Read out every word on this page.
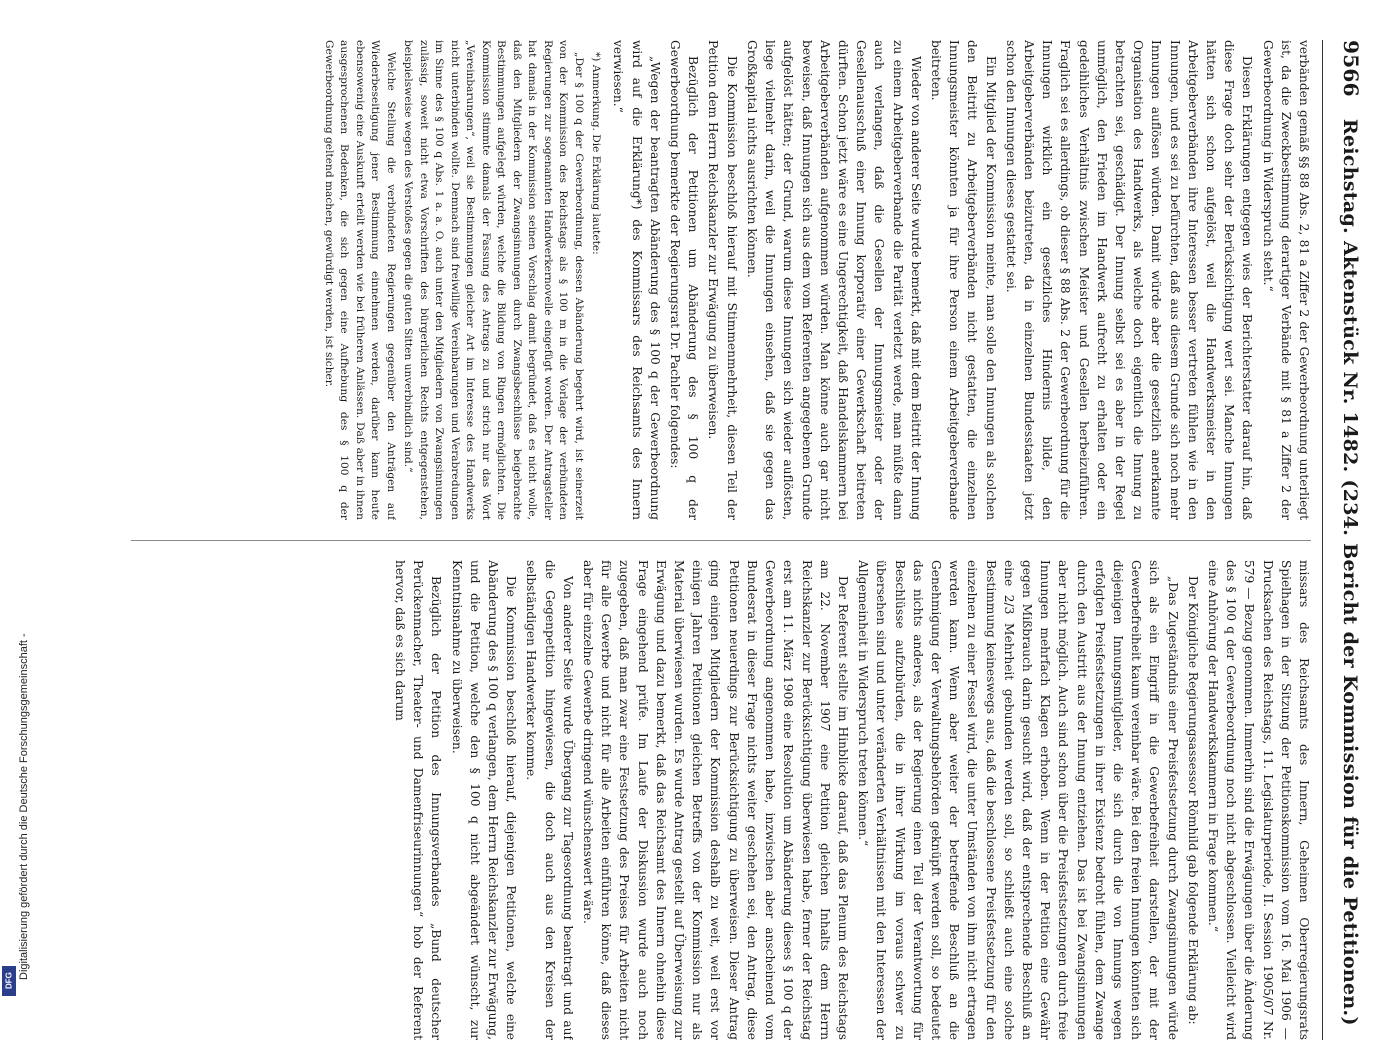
9566
Reichstag. Aktenstück Nr. 1482. (234. Bericht der Kommission für die Petitionen.)

verbänden gemäß §§ 88 Abs. 2, 81 a Ziffer 2 der Gewerbeordnung unterliegt ist, da die Zweckbestimmung derartiger Verbände mit § 81 a Ziffer 2 der Gewerbeordnung in Widerspruch steht.“

Diesen Erklärungen entgegen wies der Berichterstatter darauf hin, daß diese Frage doch sehr der Berücksichtigung wert sei. Manche Innungen hätten sich schon aufgelöst, weil die Handwerksmeister in den Arbeitgeberverbänden ihre Interessen besser vertreten fühlen wie in den Innungen, und es sei zu befürchten, daß aus diesem Grunde sich noch mehr Innungen auflösen würden. Damit würde aber die gesetzlich anerkannte Organisation des Handwerks, als welche doch eigentlich die Innung zu betrachten sei, geschädigt. Der Innung selbst sei es aber in der Regel unmöglich, den Frieden im Handwerk aufrecht zu erhalten oder ein gedeihliches Verhältnis zwischen Meister und Gesellen herbeizuführen. Fraglich sei es allerdings, ob dieser § 88 Abs. 2 der Gewerbeordnung für die Innungen wirklich ein gesetzliches Hindernis bilde, den Arbeitgeberverbänden beizutreten, da in einzelnen Bundesstaaten jetzt schon den Innungen dieses gestattet sei.

Ein Mitglied der Kommission meinte, man solle den Innungen als solchen den Beitritt zu Arbeitgeberverbänden nicht gestatten, die einzelnen Innungsmeister könnten ja für ihre Person einem Arbeitgeberverbande beitreten.

Wieder von anderer Seite wurde bemerkt, daß mit dem Beitritt der Innung zu einem Arbeitgeberverbande die Parität verletzt werde, man müßte dann auch verlangen, daß die Gesellen der Innungsmeister oder der Gesellenausschuß einer Innung korporativ einer Gewerkschaft beitreten dürften. Schon jetzt wäre es eine Ungerechtigkeit, daß Handelskammern bei Arbeitgeberverbänden aufgenommen würden. Man könne auch gar nicht beweisen, daß Innungen sich aus dem vom Referenten angegebenen Grunde aufgelöst hätten; der Grund, warum diese Innungen sich wieder auflösten, liege vielmehr darin, weil die Innungen einsehen, daß sie gegen das Großkapital nichts ausrichten können.

Die Kommission beschloß hierauf mit Stimmenmehrheit, diesen Teil der Petition dem Herrn Reichskanzler zur Erwägung zu überweisen.

Bezüglich der Petitionen um Abänderung des § 100 q der Gewerbeordnung bemerkte der Regierungsrat Dr. Pachler folgendes:

„Wegen der beantragten Abänderung des § 100 q der Gewerbeordnung wird auf die Erklärung*) des Kommissars des Reichsamts des Innern verwiesen.“

*) Anmerkung. Die Erklärung lautete:

„Der § 100 q der Gewerbeordnung, dessen Abänderung begehrt wird, ist seinerzeit von der Kommission des Reichstags als § 100 m in die Vorlage der verbündeten Regierungen zur sogenannten Handwerkernovelle eingefügt worden. Der Antragsteller hat damals in der Kommission seinen Vorschlag damit begründet, daß es nicht wolle, daß den Mitgliedern der Zwangsinnungen durch Zwangsbeschlüsse beigebrachte Bestimmungen aufgelegt würden, welche die Bildung von Ringen ermöglichten. Die Kommission stimmte damals der Fassung des Antrags zu und strich nur das Wort „Vereinbarungen“, weil sie Bestimmungen gleicher Art im Interesse des Handwerks nicht unterbinden wollte. Demnach sind freiwillige Vereinbarungen und Verabredungen im Sinne des § 100 q Abs. 1 a. a. O. auch unter den Mitgliedern von Zwangsinnungen zulässig, soweit nicht etwa Vorschriften des bürgerlichen Rechts entgegenstehen, beispielsweise wegen des Verstoßes gegen die guten Sitten unverbindlich sind.“

Welche Stellung die verbündeten Regierungen gegenüber den Anträgen auf Wiederbeseitigung jener Bestimmung einnehmen werden, darüber kann heute ebensowenig eine Auskunft erteilt werden wie bei früheren Anlässen. Daß aber in ihnen ausgesprochenen Bedenken, die sich gegen eine Aufhebung des § 100 q der Gewerbeordnung geltend machen, gewürdigt werden, ist sicher.

missars des Reichsamts des Innern, Geheimen Oberregierungsrats Spielhagen in der Sitzung der Petitionskommission vom 16. Mai 1906 — Drucksachen des Reichstags, 11. Legislaturperiode, II. Session 1905/07 Nr. 579 — Bezug genommen. Immerhin sind die Erwägungen über die Änderung des § 100 q der Gewerbeordnung noch nicht abgeschlossen. Vielleicht wird eine Anhörung der Handwerkskammern in Frage kommen.“

Der Königliche Regierungsassessor Römhild gab folgende Erklärung ab:

„Das Zugeständnis einer Preisfestsetzung durch Zwangsinnungen würde sich als ein Eingriff in die Gewerbefreiheit darstellen, der mit der Gewerbefreiheit kaum vereinbar wäre. Bei den freien Innungen könnten sich diejenigen Innungsmitglieder, die sich durch die von Innungs wegen erfolgten Preisfestsetzungen in ihrer Existenz bedroht fühlen, dem Zwange durch den Austritt aus der Innung entziehen. Das ist bei Zwangsinnungen aber nicht möglich. Auch sind schon über die Preisfestsetzungen durch freie Innungen mehrfach Klagen erhoben. Wenn in der Petition eine Gewähr gegen Mißbrauch darin gesucht wird, daß der entsprechende Beschluß an eine 2/3 Mehrheit gebunden werden soll, so schließt auch eine solche Bestimmung keineswegs aus, daß die beschlossene Preisfestsetzung für den einzelnen zu einer Fessel wird, die unter Umständen von ihm nicht ertragen werden kann. Wenn aber weiter der betreffende Beschluß an die Genehmigung der Verwaltungsbehörden geknüpft werden soll, so bedeutet das nichts anderes, als der Regierung einen Teil der Verantwortung für Beschlüsse aufzubürden, die in ihrer Wirkung im voraus schwer zu übersehen sind und unter veränderten Verhältnissen mit den Interessen der Allgemeinheit in Widerspruch treten können.“

Der Referent stellte im Hinblicke darauf, daß das Plenum des Reichstags am 22. November 1907 eine Petition gleichen Inhalts dem Herrn Reichskanzler zur Berücksichtigung überwiesen habe, ferner der Reichstag erst am 11. März 1908 eine Resolution um Abänderung dieses § 100 q der Gewerbeordnung angenommen habe, inzwischen aber anscheinend vom Bundesrat in dieser Frage nichts weiter geschehen sei, den Antrag, diese Petitionen neuerdings zur Berücksichtigung zu überweisen. Dieser Antrag ging einigen Mitgliedern der Kommission deshalb zu weit, weil erst vor einigen Jahren Petitionen gleichen Betreffs von der Kommission nur als Material überwiesen wurden. Es wurde Antrag gestellt auf Überweisung zur Erwägung und dazu bemerkt, daß das Reichsamt des Innern ohnehin diese Frage eingehend prüfe. Im Laufe der Diskussion wurde auch noch zugegeben, daß man zwar eine Festsetzung des Preises für Arbeiten nicht für alle Gewerbe und nicht für alle Arbeiten einführen könne, daß dieses aber für einzelne Gewerbe dringend wünschenswert wäre.

Von anderer Seite wurde Übergang zur Tagesordnung beantragt und auf die Gegenpetition hingewiesen, die doch auch aus den Kreisen der selbständigen Handwerker komme.

Die Kommission beschloß hierauf, diejenigen Petitionen, welche eine Abänderung des § 100 q verlangen, dem Herrn Reichskanzler zur Erwägung, und die Petition, welche den § 100 q nicht abgeändert wünscht, zur Kenntnisnahme zu überweisen.

Bezüglich der Petition des Innungsverbandes „Bund deutscher Perückenmacher, Theater- und Damenfriseurinnungen“ hob der Referent hervor, daß es sich darum

Digitalisierung gefördert durch die Deutsche Forschungsgemeinschaft -
DFG
